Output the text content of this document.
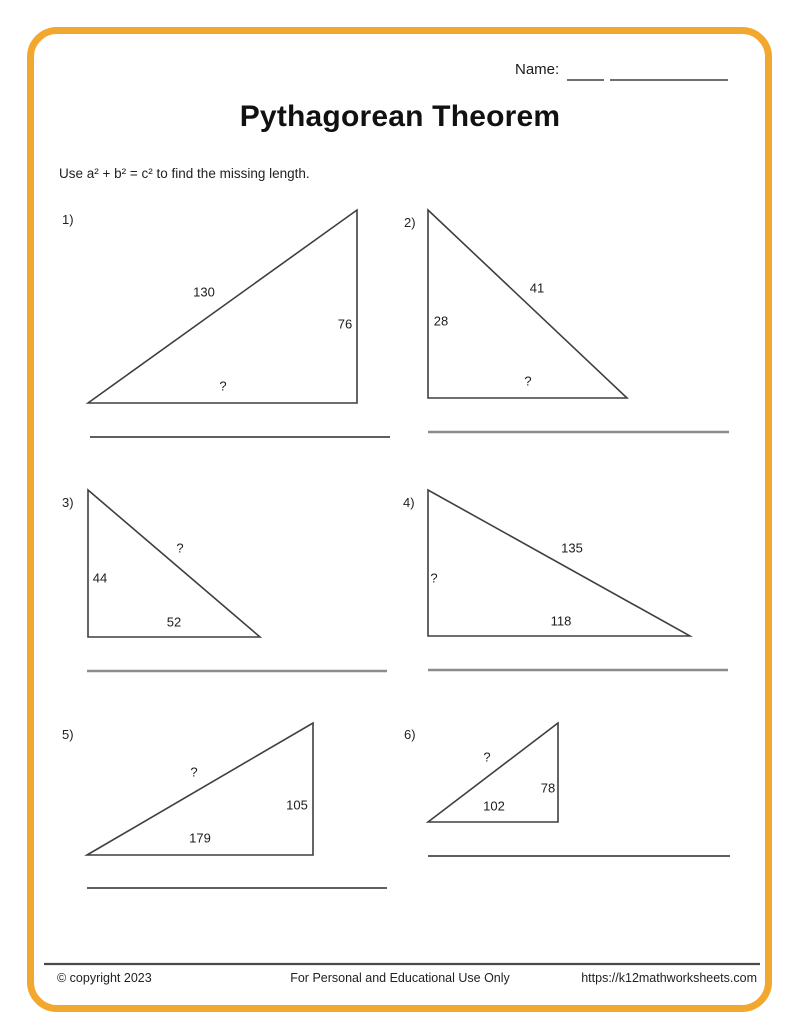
Name:
Pythagorean Theorem
Use a² + b² = c² to find the missing length.
1)
130
76
?
2)
41
28
?
3)
?
44
52
4)
135
?
118
5)
?
105
179
6)
?
78
102
© copyright 2023	For Personal and Educational Use Only	https://k12mathworksheets.com
